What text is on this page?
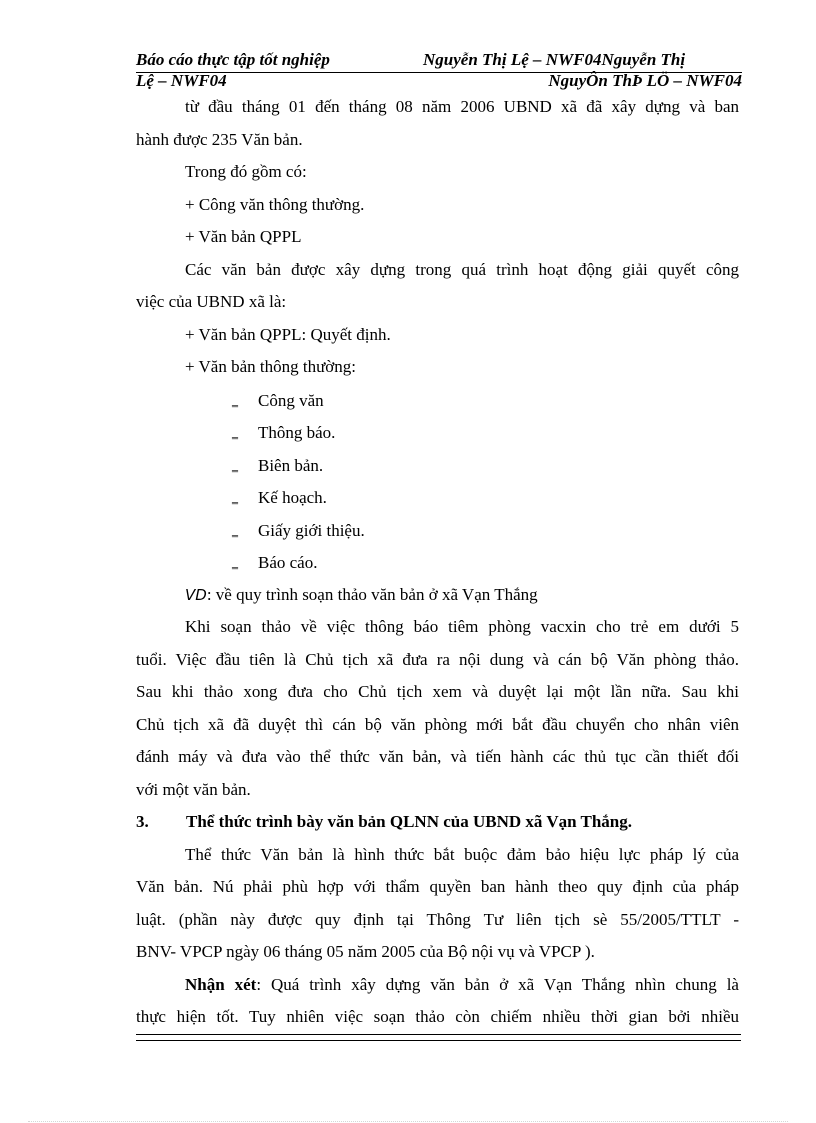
Báo cáo thực tập tốt nghiệp	Nguyễn Thị Lệ – NWF04Nguyễn Thị
Lệ – NWF04	NguyÔn ThÞ LÖ – NWF04
từ đầu tháng 01 đến tháng 08 năm 2006 UBND xã đã xây dựng và ban
hành được 235 Văn bản.
Trong đó gồm có:
+ Công văn thông thường.
+ Văn bản QPPL
Các văn bản được xây dựng trong quá trình hoạt động giải quyết công
việc của UBND xã là:
+ Văn bản QPPL: Quyết định.
+ Văn bản thông thường:
‗ Công văn
‗ Thông báo.
‗ Biên bản.
‗ Kế hoạch.
‗ Giấy giới thiệu.
‗ Báo cáo.
VD: về quy trình soạn thảo văn bản ở xã Vạn Thắng
Khi soạn thảo về việc thông báo tiêm phòng vacxin cho trẻ em dưới 5
tuổi. Việc đầu tiên là Chủ tịch xã đưa ra nội dung và cán bộ Văn phòng thảo.
Sau khi thảo xong đưa cho Chủ tịch xem và duyệt lại một lần nữa. Sau khi
Chủ tịch xã đã duyệt thì cán bộ văn phòng mới bắt đầu chuyển cho nhân viên
đánh máy và đưa vào thể thức văn bản, và tiến hành các thủ tục cần thiết đối
với một văn bản.
3. Thể thức trình bày văn bản QLNN của UBND xã Vạn Thắng.
Thể thức Văn bản là hình thức bắt buộc đảm bảo hiệu lực pháp lý của
Văn bản. Nú phải phù hợp với thẩm quyền ban hành theo quy định của pháp
luật. (phần này được quy định tại Thông Tư liên tịch sè 55/2005/TTLT -
BNV- VPCP ngày 06 tháng 05 năm 2005 của Bộ nội vụ và VPCP ).
Nhận xét: Quá trình xây dựng văn bản ở xã Vạn Thắng nhìn chung là
thực hiện tốt. Tuy nhiên việc soạn thảo còn chiếm nhiều thời gian bởi nhiều
